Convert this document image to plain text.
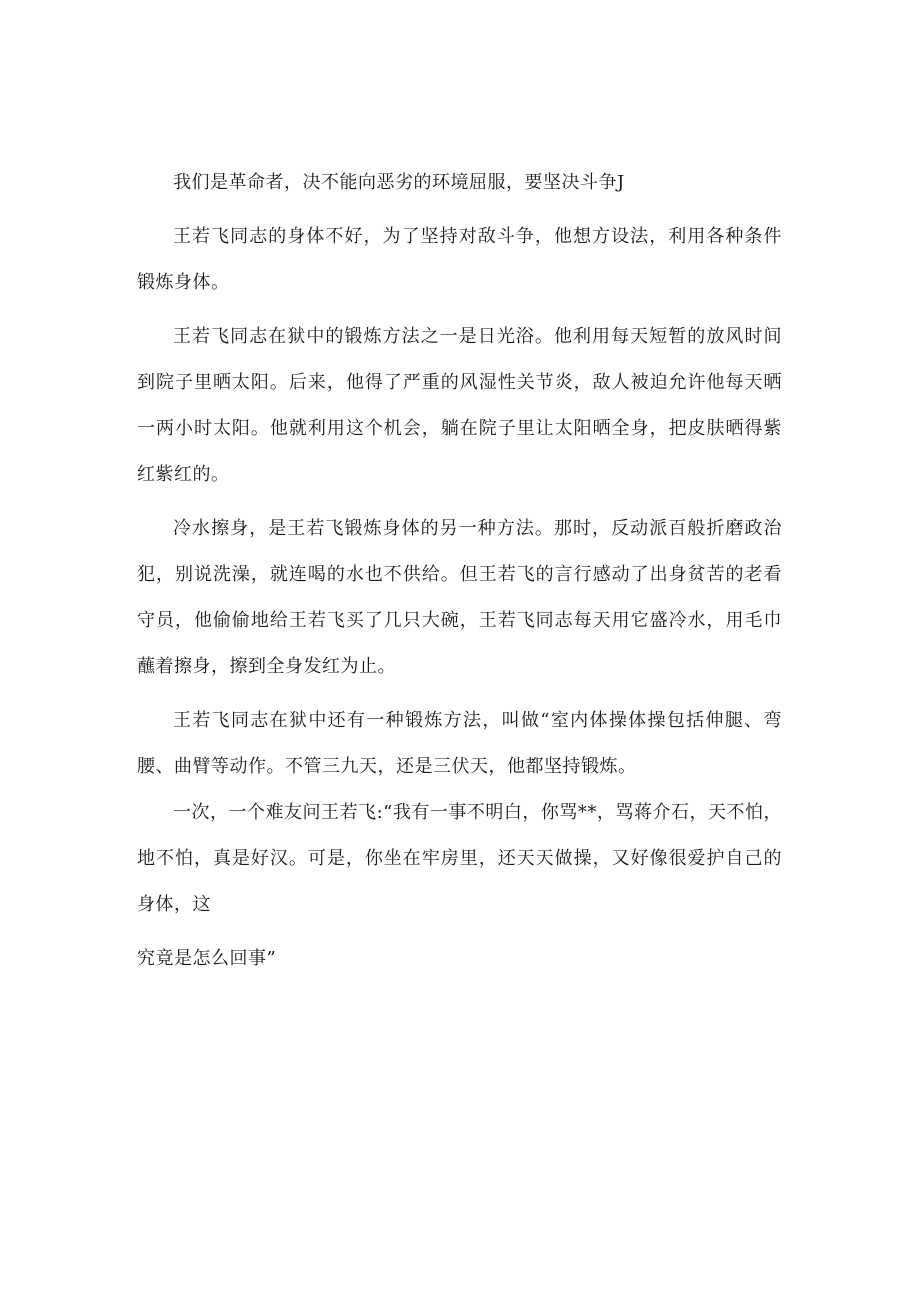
我们是革命者，决不能向恶劣的环境屈服，要坚决斗争J

王若飞同志的身体不好，为了坚持对敌斗争，他想方设法，利用各种条件锻炼身体。

王若飞同志在狱中的锻炼方法之一是日光浴。他利用每天短暂的放风时间到院子里晒太阳。后来，他得了严重的风湿性关节炎，敌人被迫允许他每天晒一两小时太阳。他就利用这个机会，躺在院子里让太阳晒全身，把皮肤晒得紫红紫红的。

冷水擦身，是王若飞锻炼身体的另一种方法。那时，反动派百般折磨政治犯，别说洗澡，就连喝的水也不供给。但王若飞的言行感动了出身贫苦的老看守员，他偷偷地给王若飞买了几只大碗，王若飞同志每天用它盛冷水，用毛巾蘸着擦身，擦到全身发红为止。

王若飞同志在狱中还有一种锻炼方法，叫做“室内体操体操包括伸腿、弯腰、曲臂等动作。不管三九天，还是三伏天，他都坚持锻炼。

一次，一个难友问王若飞:“我有一事不明白，你骂**，骂蒋介石，天不怕，地不怕，真是好汉。可是，你坐在牢房里，还天天做操，又好像很爱护自己的身体，这

究竟是怎么回事”
